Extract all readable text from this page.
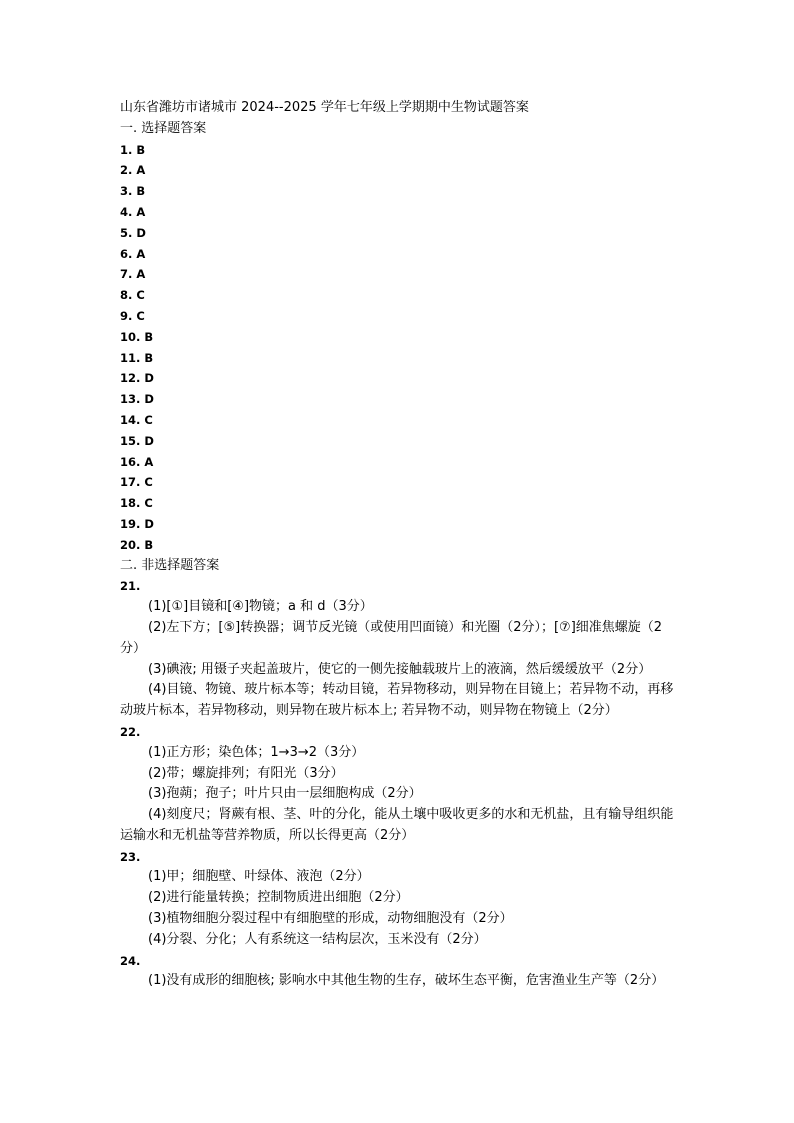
山东省潍坊市诸城市 2024--2025 学年七年级上学期期中生物试题答案
一. 选择题答案
1. B
2. A
3. B
4. A
5. D
6. A
7. A
8. C
9. C
10. B
11. B
12. D
13. D
14. C
15. D
16. A
17. C
18. C
19. D
20. B
二. 非选择题答案
21.
(1)[①]目镜和[④]物镜；a 和 d（3分）
(2)左下方；[⑤]转换器；调节反光镜（或使用凹面镜）和光圈（2分）；[⑦]细准焦螺旋（2分）
(3)碘液; 用镊子夹起盖玻片，使它的一侧先接触载玻片上的液滴，然后缓缓放平（2分）
(4)目镜、物镜、玻片标本等；转动目镜，若异物移动，则异物在目镜上；若异物不动，再移动玻片标本，若异物移动，则异物在玻片标本上; 若异物不动，则异物在物镜上（2分）
22.
(1)正方形；染色体；1→3→2（3分）
(2)带；螺旋排列；有阳光（3分）
(3)孢蒴；孢子；叶片只由一层细胞构成（2分）
(4)刻度尺；肾蕨有根、茎、叶的分化，能从土壤中吸收更多的水和无机盐，且有输导组织能运输水和无机盐等营养物质，所以长得更高（2分）
23.
(1)甲；细胞壁、叶绿体、液泡（2分）
(2)进行能量转换；控制物质进出细胞（2分）
(3)植物细胞分裂过程中有细胞壁的形成，动物细胞没有（2分）
(4)分裂、分化；人有系统这一结构层次，玉米没有（2分）
24.
(1)没有成形的细胞核; 影响水中其他生物的生存，破坏生态平衡，危害渔业生产等（2分）
